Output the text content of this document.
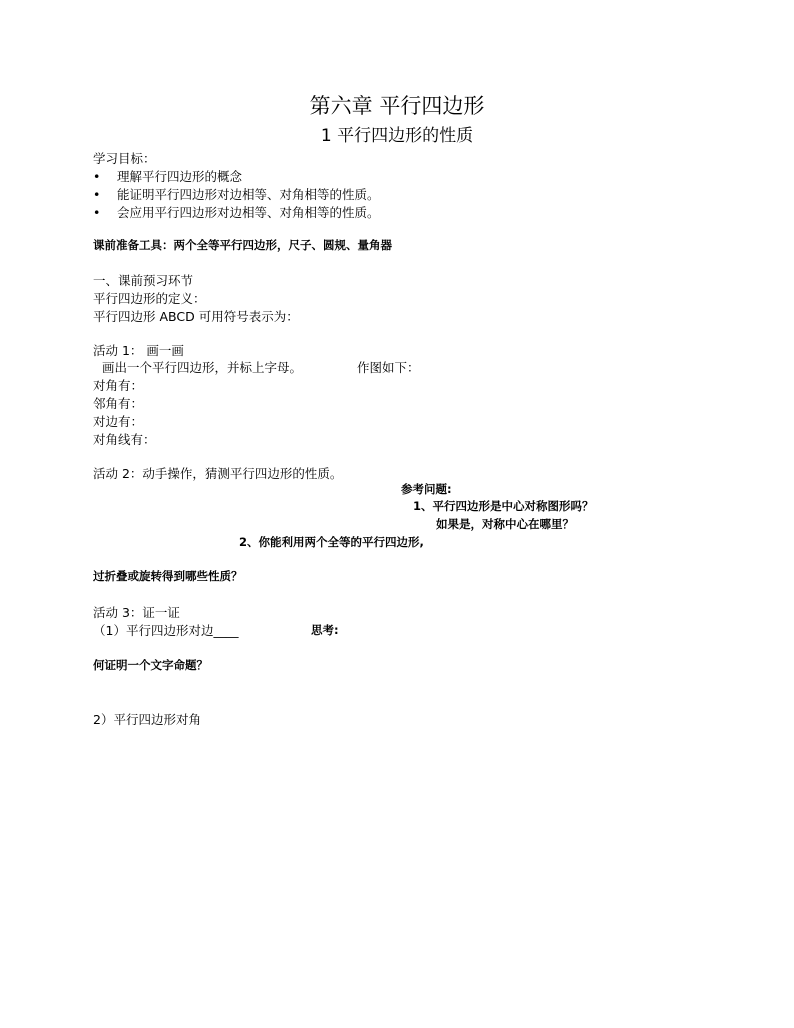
第六章 平行四边形
1 平行四边形的性质
学习目标：
• 理解平行四边形的概念
• 能证明平行四边形对边相等、对角相等的性质。
• 会应用平行四边形对边相等、对角相等的性质。
课前准备工具：两个全等平行四边形，尺子、圆规、量角器
一、课前预习环节
平行四边形的定义：
平行四边形 ABCD 可用符号表示为：
活动 1： 画一画
画出一个平行四边形，并标上字母。	作图如下：
对角有：
邻角有：
对边有：
对角线有：
活动 2：动手操作，猜测平行四边形的性质。
参考问题:
1、平行四边形是中心对称图形吗？
如果是，对称中心在哪里？
2、你能利用两个全等的平行四边形,
过折叠或旋转得到哪些性质？
活动 3：证一证
（1）平行四边形对边____	思考:
何证明一个文字命题？
2）平行四边形对角
